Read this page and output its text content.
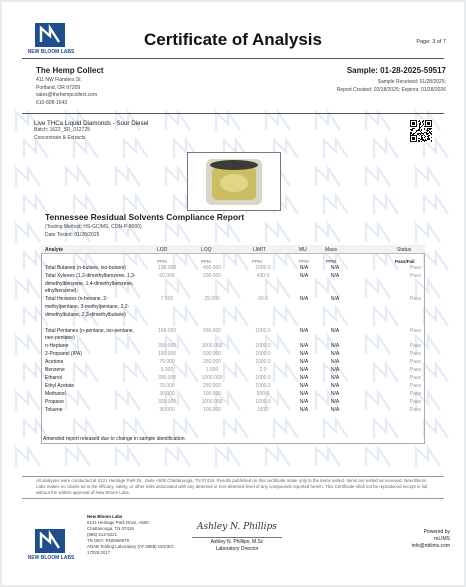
NEW BLOOM LABS
Certificate of Analysis	Page: 3 of 7
The Hemp Collect
411 NW Flanders St
Portland, OR 97209
sales@thehempcollect.com
610-808-1643
Sample: 01-28-2025-59517
Sample Received: 01/28/2025;
Report Created: 02/18/2025; Expires: 01/28/2026
Live THCa Liquid Diamonds - Sour Diesel
Batch: 1622_SD_012725
Concentrate & Extracts
Tennessee Residual Solvents Compliance Report
(Testing Method: HS-GC/MS, CON-P-8000)
Date Tested: 01/28/2025
Analyte	LOD	LOQ	LIMIT	MU	Mass	Status
PPM	PPM	PPM	PPM	PPM	Pass/Fail
Total Butanes (n-butane, iso-butane)	138.000	460.000	1000.0	N/A	N/A	Pass
Total Xylenes (1,2-dimethylbenzene, 1,3-dimethylbenzene, 1,4-dimethylbenzene, ethylbenzene)
60.000	200.000	430.0	N/A	N/A	Pass
Total Hexanes (n-hexane, 2-methylpentane, 3-methylpentane, 2,2-dimethylbutane, 2,3-dimethylbutane)
7.500	25.000	60.0	N/A	N/A	Pass
Total Pentanes (n-pentane, iso-pentane, neo-pentane)
168.000	560.000	1000.0	N/A	N/A	Pass
n-Heptane	300.000	1000.000	1000.0	N/A	N/A	Pass
2-Propanol (IPA)	150.000	500.000	1000.0	N/A	N/A	Pass
Acetone	75.000	250.000	1000.0	N/A	N/A	Pass
Benzene	0.300	1.000	2.0	N/A	N/A	Pass
Ethanol	300.000	1000.000	1000.0	N/A	N/A	Pass
Ethyl Acetate	75.000	250.000	1000.0	N/A	N/A	Pass
Methanol	30.000	100.000	600.0	N/A	N/A	Pass
Propane	300.000	1000.000	1000.0	N/A	N/A	Pass
Toluene	30.000	100.000	1810	N/A	N/A	Pass
Amended report released due to change in sample identification.
All analyses were conducted at 6121 Heritage Park Dr., Suite A500 Chattanooga, TN 37416. Results published on this certificate relate only to the items tested. Items are tested as received. New Bloom Labs makes no claims as to the efficacy, safety, or other risks associated with any detected or non-detected level of any compounds reported herein. This Certificate shall not be reproduced except in full, without the written approval of New Bloom Labs.
NEW BLOOM LABS
New Bloom Labs
6121 Heritage Park Drive, A500
Chattanooga, TN 37416
(865) 612-8221
TN DEA: RN0566979
ANAB Testing Laboratory (AT-2868) ISO/IEC
17025:2017
Ashley N. Phillips
Ashley N. Phillips, M.Sc
Laboratory Director
Powered by
mLIMS
info@nblims.com
